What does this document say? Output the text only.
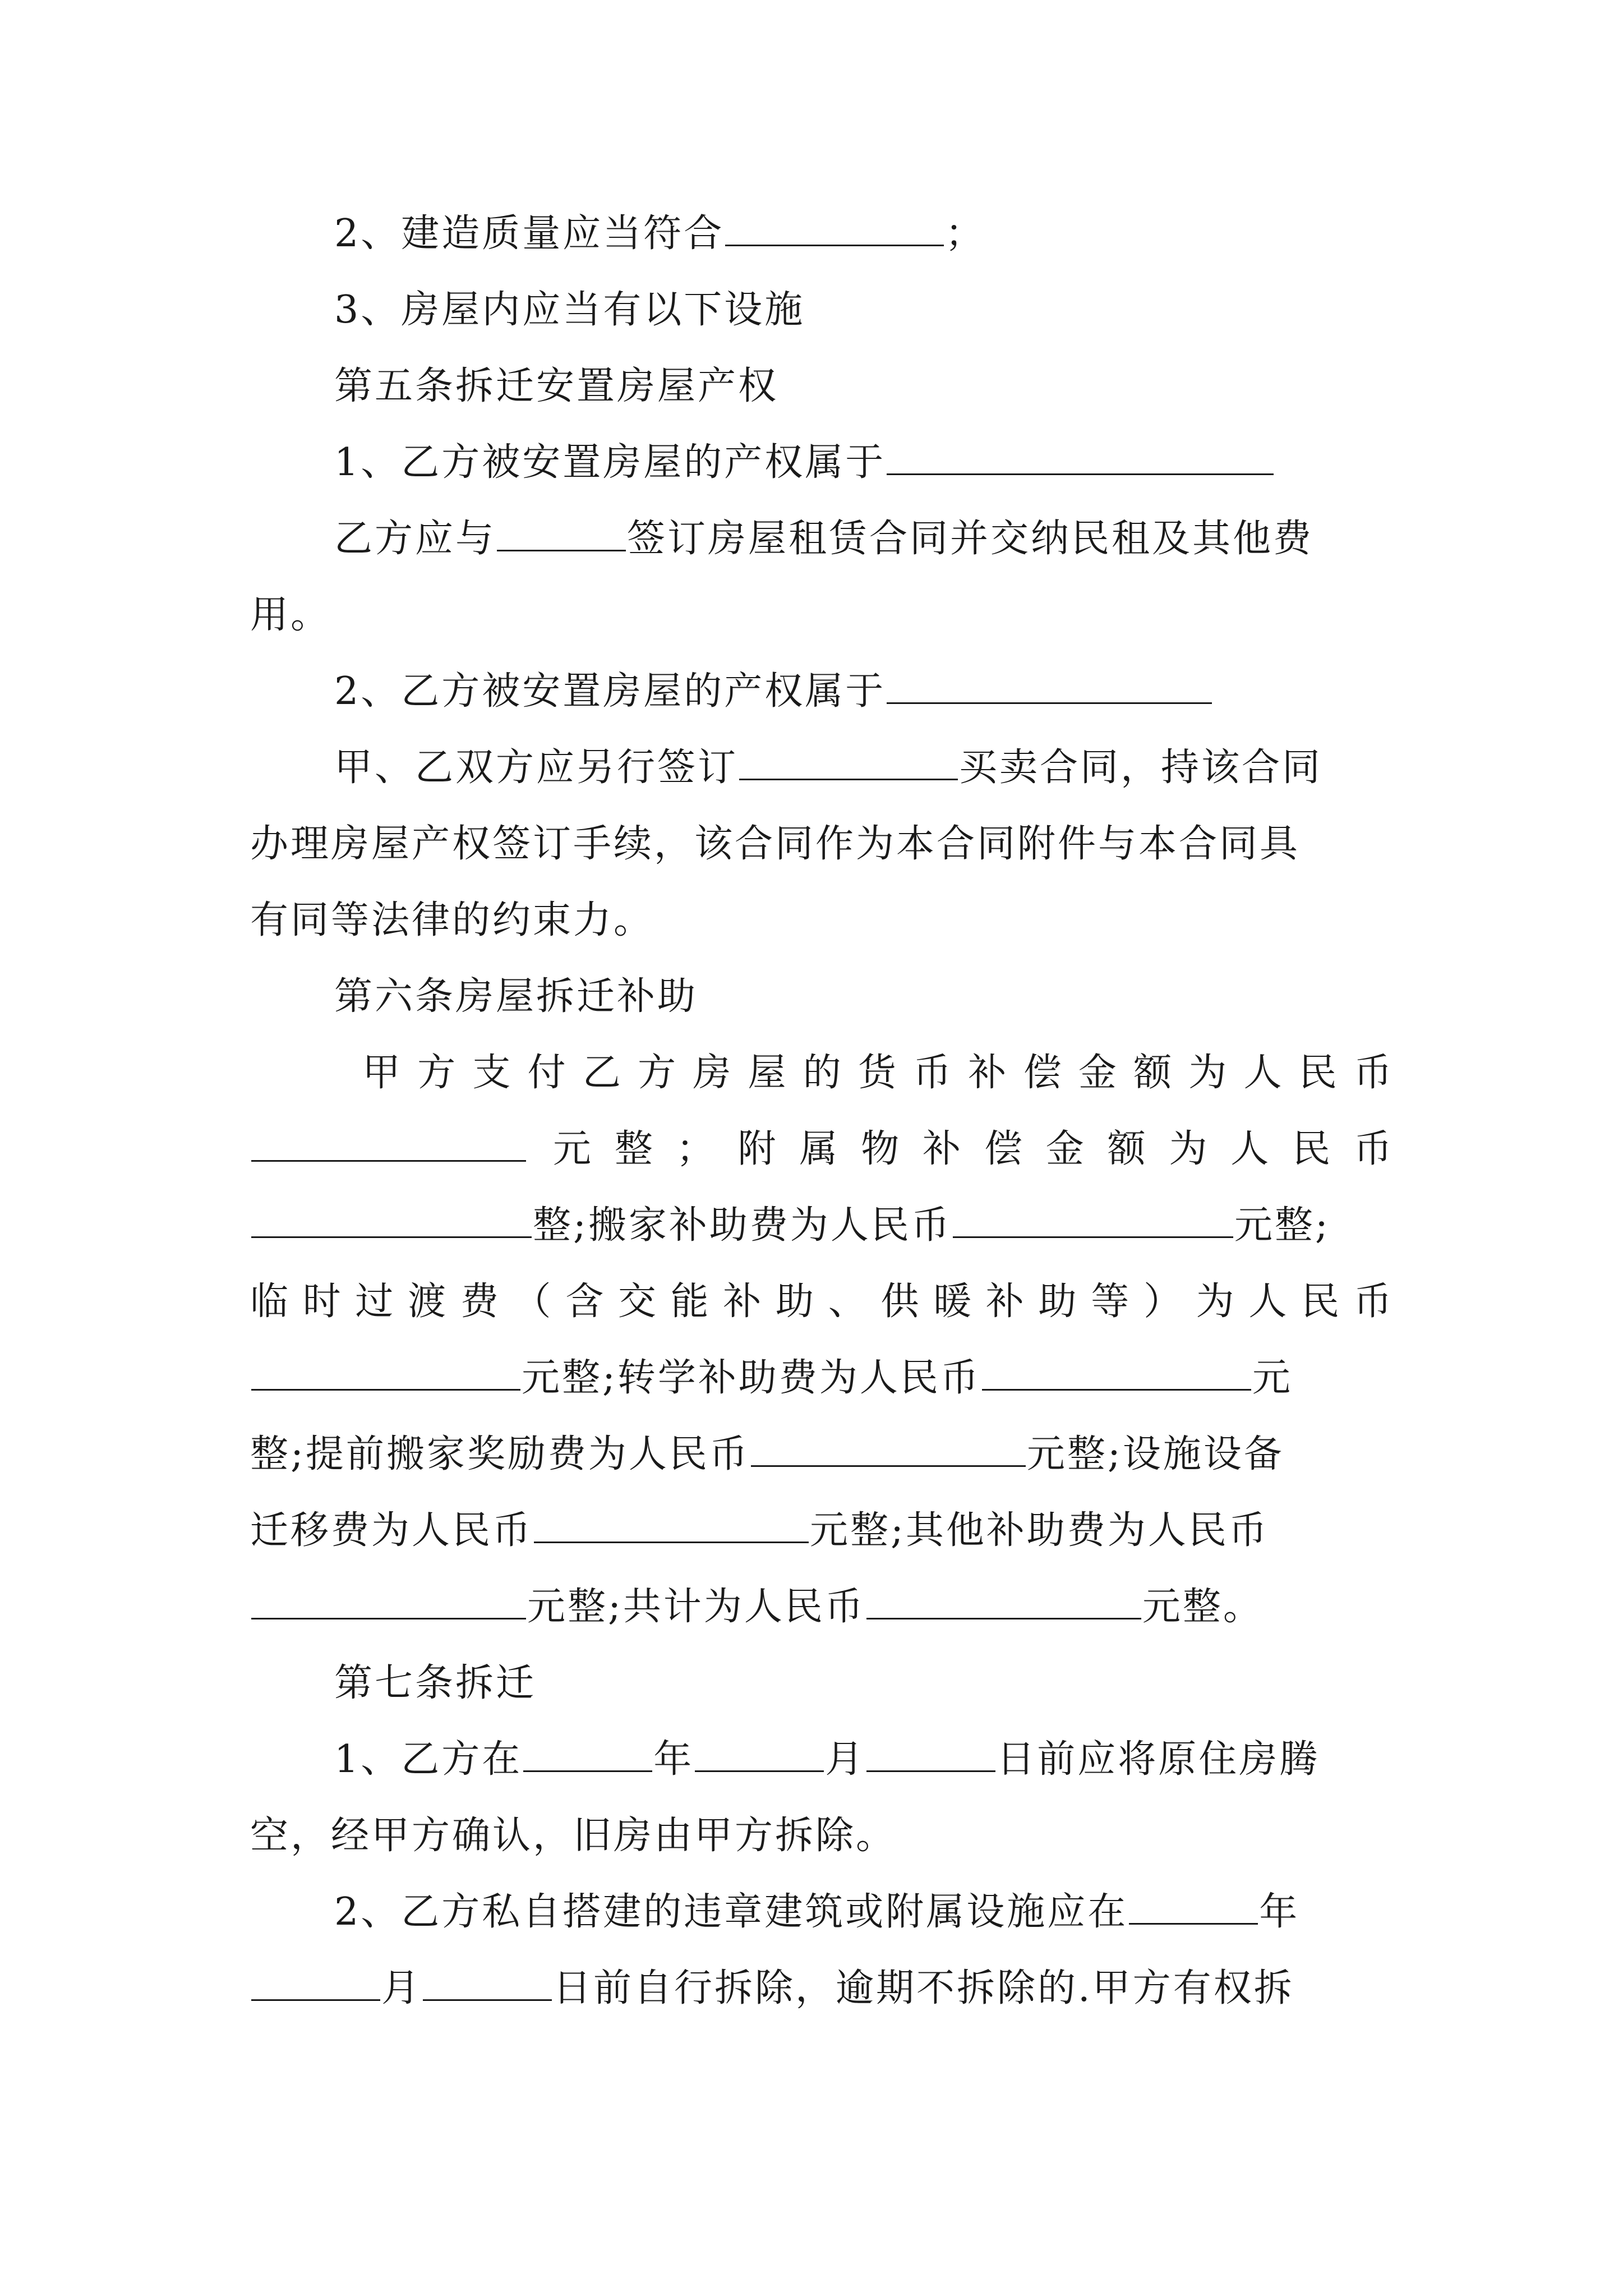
2、建造质量应当符合	；
3、房屋内应当有以下设施
第五条拆迁安置房屋产权
1、乙方被安置房屋的产权属于
乙方应与	签订房屋租赁合同并交纳民租及其他费
用。
2、乙方被安置房屋的产权属于
甲、乙双方应另行签订	买卖合同，持该合同
办理房屋产权签订手续，该合同作为本合同附件与本合同具
有同等法律的约束力。
第六条房屋拆迁补助
甲 方 支 付 乙 方 房 屋 的 货 币 补 偿 金 额 为 人 民 币
元 整 ； 附 属 物 补 偿 金 额 为 人 民 币
整;搬家补助费为人民币	元整;
临 时 过 渡 费 （ 含 交 能 补 助 、 供 暖 补 助 等 ） 为 人 民 币
元整;转学补助费为人民币	元
整;提前搬家奖励费为人民币	元整;设施设备
迁移费为人民币	元整;其他补助费为人民币
元整;共计为人民币	元整。
第七条拆迁
1、乙方在	年	月	日前应将原住房腾
空，经甲方确认，旧房由甲方拆除。
2、乙方私自搭建的违章建筑或附属设施应在	年
月	日前自行拆除，逾期不拆除的.甲方有权拆
